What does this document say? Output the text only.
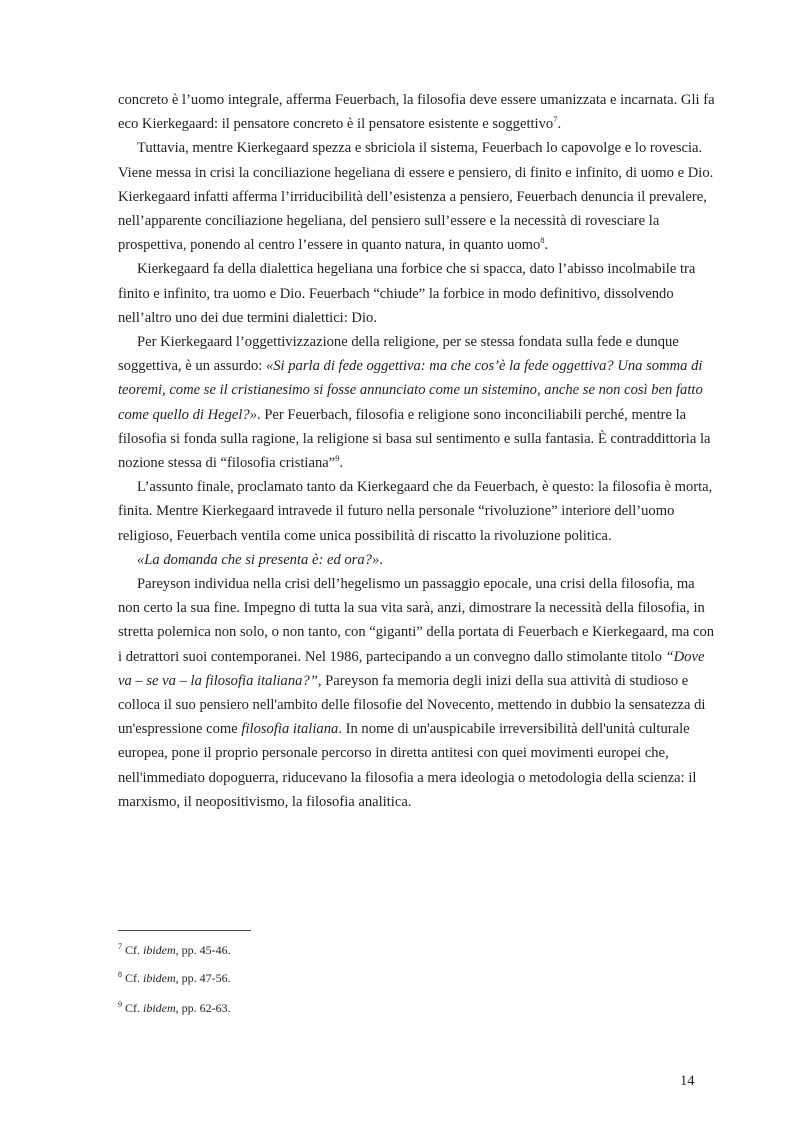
concreto è l’uomo integrale, afferma Feuerbach, la filosofia deve essere umanizzata e incarnata. Gli fa eco Kierkegaard: il pensatore concreto è il pensatore esistente e soggettivo$^7$.

Tuttavia, mentre Kierkegaard spezza e sbriciola il sistema, Feuerbach lo capovolge e lo rovescia. Viene messa in crisi la conciliazione hegeliana di essere e pensiero, di finito e infinito, di uomo e Dio. Kierkegaard infatti afferma l’irriducibilità dell’esistenza a pensiero, Feuerbach denuncia il prevalere, nell’apparente conciliazione hegeliana, del pensiero sull’essere e la necessità di rovesciare la prospettiva, ponendo al centro l’essere in quanto natura, in quanto uomo$^8$.

Kierkegaard fa della dialettica hegeliana una forbice che si spacca, dato l’abisso incolmabile tra finito e infinito, tra uomo e Dio. Feuerbach “chiude” la forbice in modo definitivo, dissolvendo nell’altro uno dei due termini dialettici: Dio.

Per Kierkegaard l’oggettivizzazione della religione, per se stessa fondata sulla fede e dunque soggettiva, è un assurdo: «Si parla di fede oggettiva: ma che cos’è la fede oggettiva? Una somma di teoremi, come se il cristianesimo si fosse annunciato come un sistemino, anche se non così ben fatto come quello di Hegel?». Per Feuerbach, filosofia e religione sono inconciliabili perché, mentre la filosofia si fonda sulla ragione, la religione si basa sul sentimento e sulla fantasia. È contraddittoria la nozione stessa di “filosofia cristiana”$^9$.

L’assunto finale, proclamato tanto da Kierkegaard che da Feuerbach, è questo: la filosofia è morta, finita. Mentre Kierkegaard intravede il futuro nella personale “rivoluzione” interiore dell’uomo religioso, Feuerbach ventila come unica possibilità di riscatto la rivoluzione politica.

«La domanda che si presenta è: ed ora?».

Pareyson individua nella crisi dell’hegelismo un passaggio epocale, una crisi della filosofia, ma non certo la sua fine. Impegno di tutta la sua vita sarà, anzi, dimostrare la necessità della filosofia, in stretta polemica non solo, o non tanto, con “giganti” della portata di Feuerbach e Kierkegaard, ma con i detrattori suoi contemporanei. Nel 1986, partecipando a un convegno dallo stimolante titolo “Dove va – se va – la filosofia italiana?”, Pareyson fa memoria degli inizi della sua attività di studioso e colloca il suo pensiero nell'ambito delle filosofie del Novecento, mettendo in dubbio la sensatezza di un'espressione come filosofia italiana. In nome di un'auspicabile irreversibilità dell'unità culturale europea, pone il proprio personale percorso in diretta antitesi con quei movimenti europei che, nell'immediato dopoguerra, riducevano la filosofia a mera ideologia o metodologia della scienza: il marxismo, il neopositivismo, la filosofia analitica.

$^7$ Cf. ibidem, pp. 45-46.

$^8$ Cf. ibidem, pp. 47-56.

$^9$ Cf. ibidem, pp. 62-63.

14
